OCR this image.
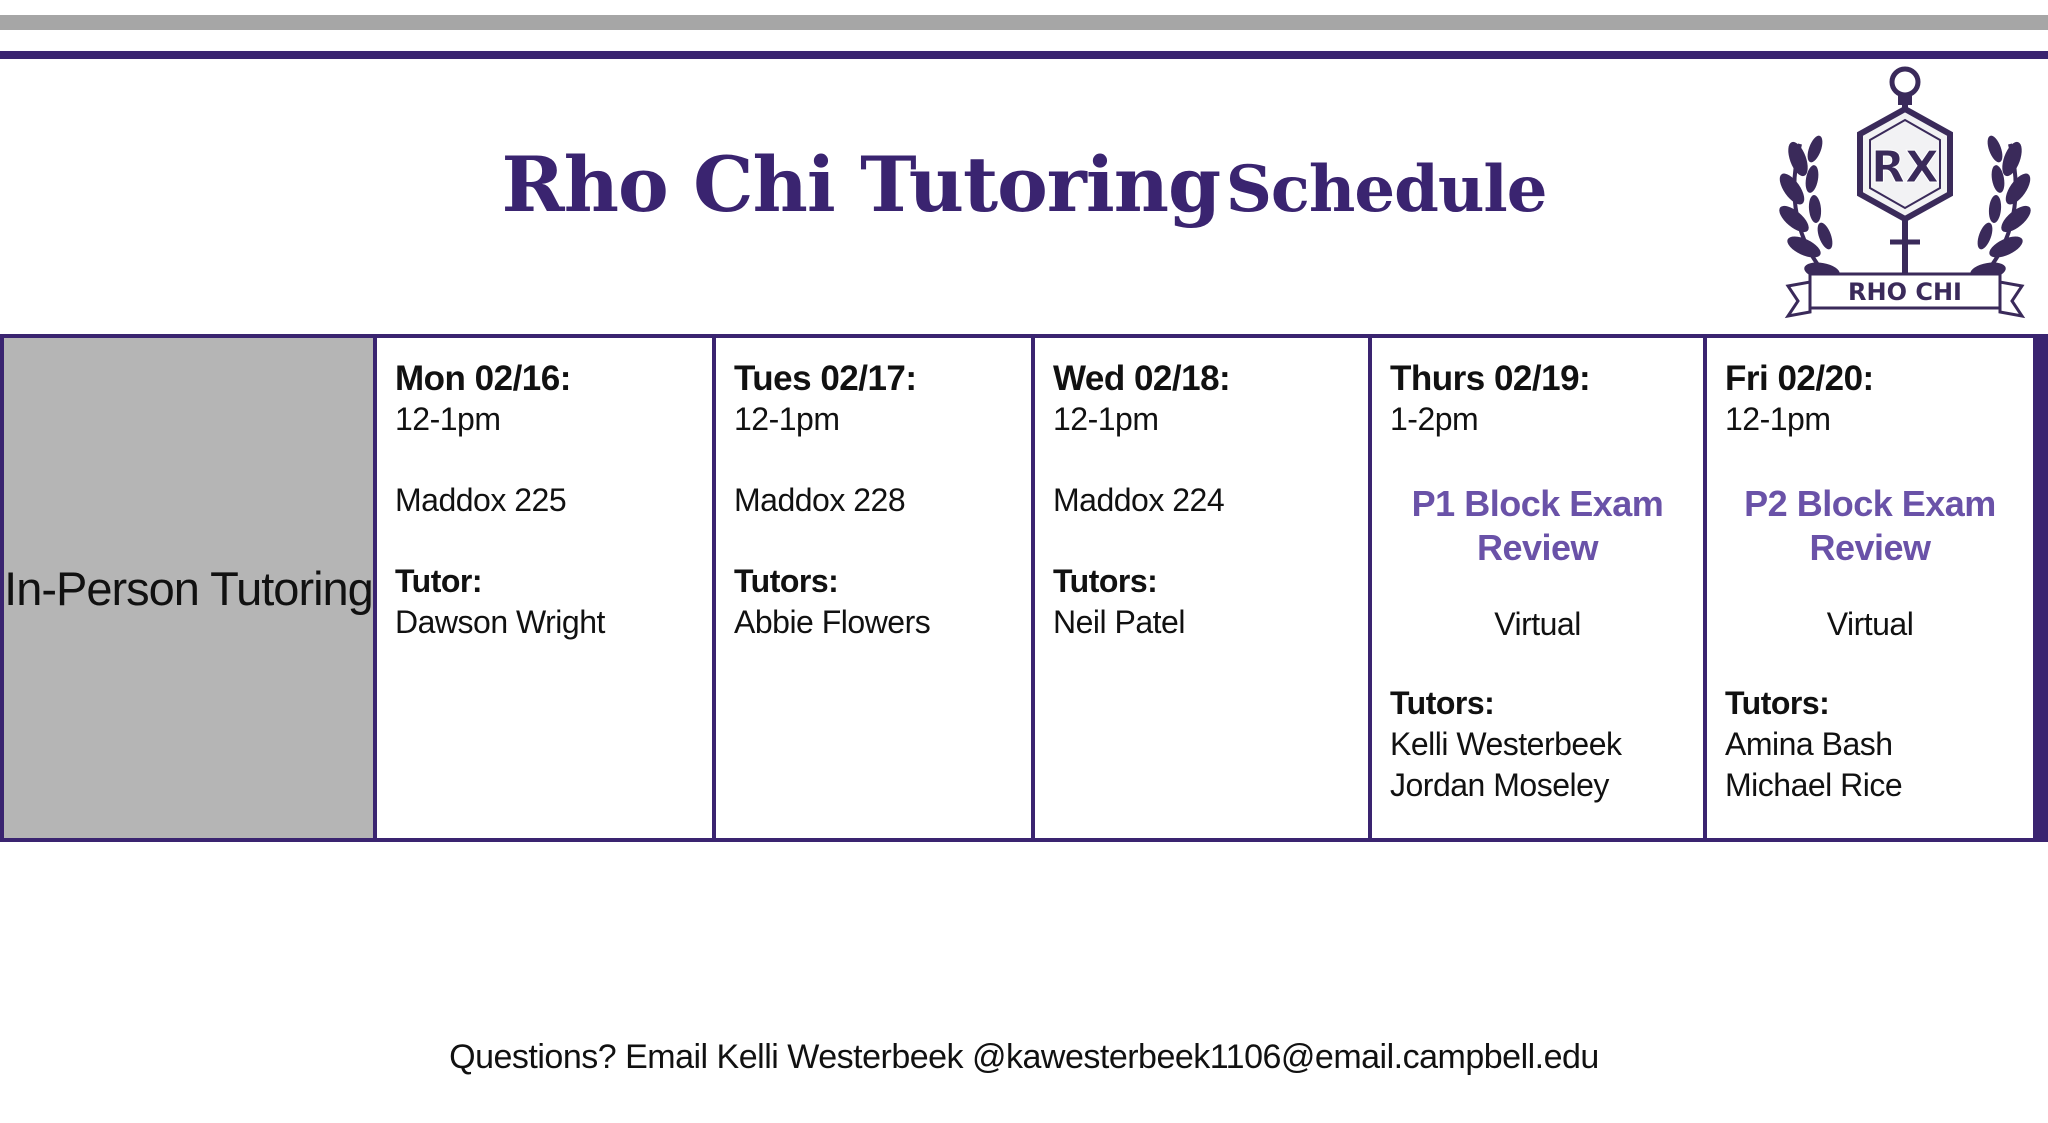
Rho Chi Tutoring Schedule	RX
RHO CHI
In-Person Tutoring
Mon 02/16:
12-1pm
Maddox 225
Tutor:
Dawson Wright
Tues 02/17:
12-1pm
Maddox 228
Tutors:
Abbie Flowers
Wed 02/18:
12-1pm
Maddox 224
Tutors:
Neil Patel
Thurs 02/19:
1-2pm
P1 Block Exam Review
Virtual
Tutors:
Kelli Westerbeek
Jordan Moseley
Fri 02/20:
12-1pm
P2 Block Exam Review
Virtual
Tutors:
Amina Bash
Michael Rice
Questions? Email Kelli Westerbeek @kawesterbeek1106@email.campbell.edu
